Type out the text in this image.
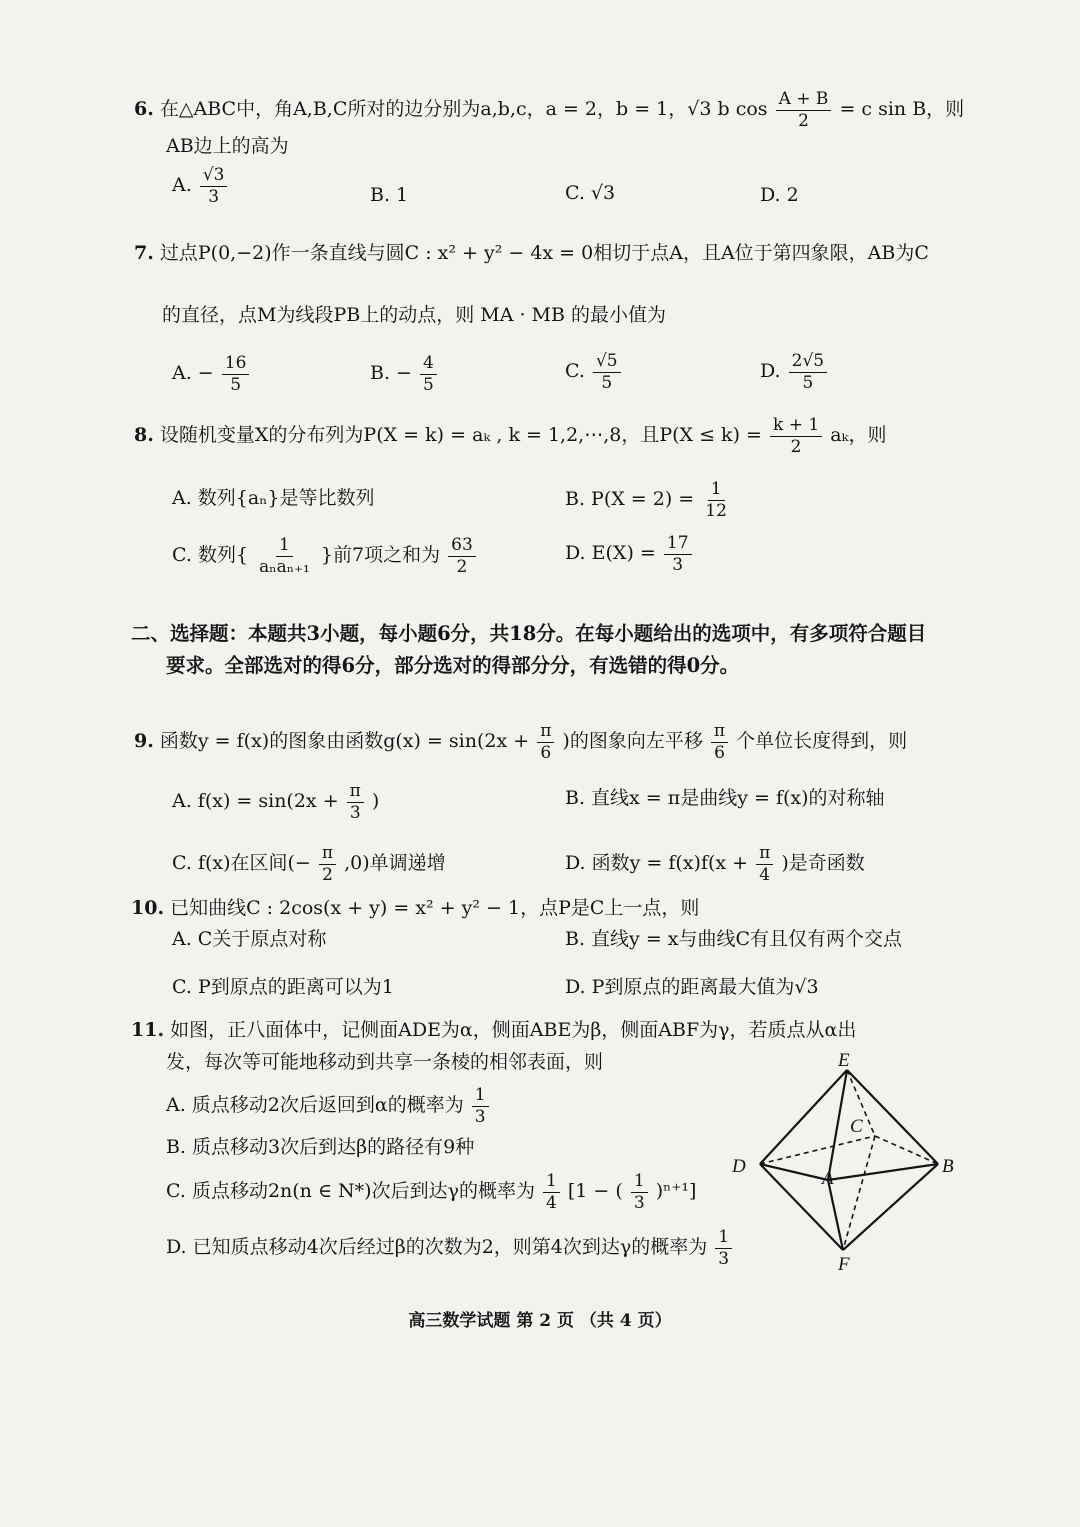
6. 在△ABC中，角A,B,C所对的边分别为a,b,c，a = 2，b = 1，√3 b $\cos \frac{A + B}{2} = c$ sin B，则
AB边上的高为
A. $\frac{√3}{3}$	B. 1	C. √3	D. 2
7. 过点P(0,−2)作一条直线与圆C : x² + y² − 4x = 0相切于点A，且A位于第四象限，AB为C
的直径，点M为线段PB上的动点，则 MA · MB 的最小值为
A. − $\frac{16}{5}$	B. − $\frac{4}{5}$	C. $\frac{√5}{5}$	D. $\frac{2√5}{5}$
8. 设随机变量X的分布列为P(X = k) = aₖ , k = 1,2,⋯,8，且$P(X \le k) = \frac{k + 1}{2}$ aₖ，则
A. 数列{aₙ}是等比数列	B. $P(X = 2) = \frac{1}{12}$
C. 数列{ $\frac{1}{\text{aₙaₙ₊₁}}$ }前7项之和为 $\frac{63}{2}$	D. $E(X) = \frac{17}{3}$
二、选择题：本题共3小题，每小题6分，共18分。在每小题给出的选项中，有多项符合题目
要求。全部选对的得6分，部分选对的得部分分，有选错的得0分。
9. 函数y = f(x)的图象由函数$g(x) = \sin(2x + \frac{\pi}{6}$ )的图象向左平移 $\frac{\pi}{6}$ 个单位长度得到，则
A. $f(x) = \sin(2x + \frac{\pi}{3}$ )	B. 直线x = π是曲线y = f(x)的对称轴
C. f(x)在区间(− $\frac{\pi}{2} ,0$)单调递增	D. 函数$y = f(x)f(x + \frac{\pi}{4}$ )是奇函数
10. 已知曲线C : 2cos(x + y) = x² + y² − 1，点P是C上一点，则
A. C关于原点对称	B. 直线y = x与曲线C有且仅有两个交点
C. P到原点的距离可以为1	D. P到原点的距离最大值为√3
11. 如图，正八面体中，记侧面ADE为α，侧面ABE为β，侧面ABF为γ，若质点从α出
发，每次等可能地移动到共享一条棱的相邻表面，则
A. 质点移动2次后返回到α的概率为 $\frac{1}{3}$
B. 质点移动3次后到达β的路径有9种
C. 质点移动2n(n ∈ N*)次后到达γ的概率为 $\frac{1}{4} [1$ − ( $\frac{1}{3} )^{n+1}$]
D. 已知质点移动4次后经过β的次数为2，则第4次到达γ的概率为 $\frac{1}{3}$
E
C
D	B
A
F
高三数学试题 第 2 页 （共 4 页）
